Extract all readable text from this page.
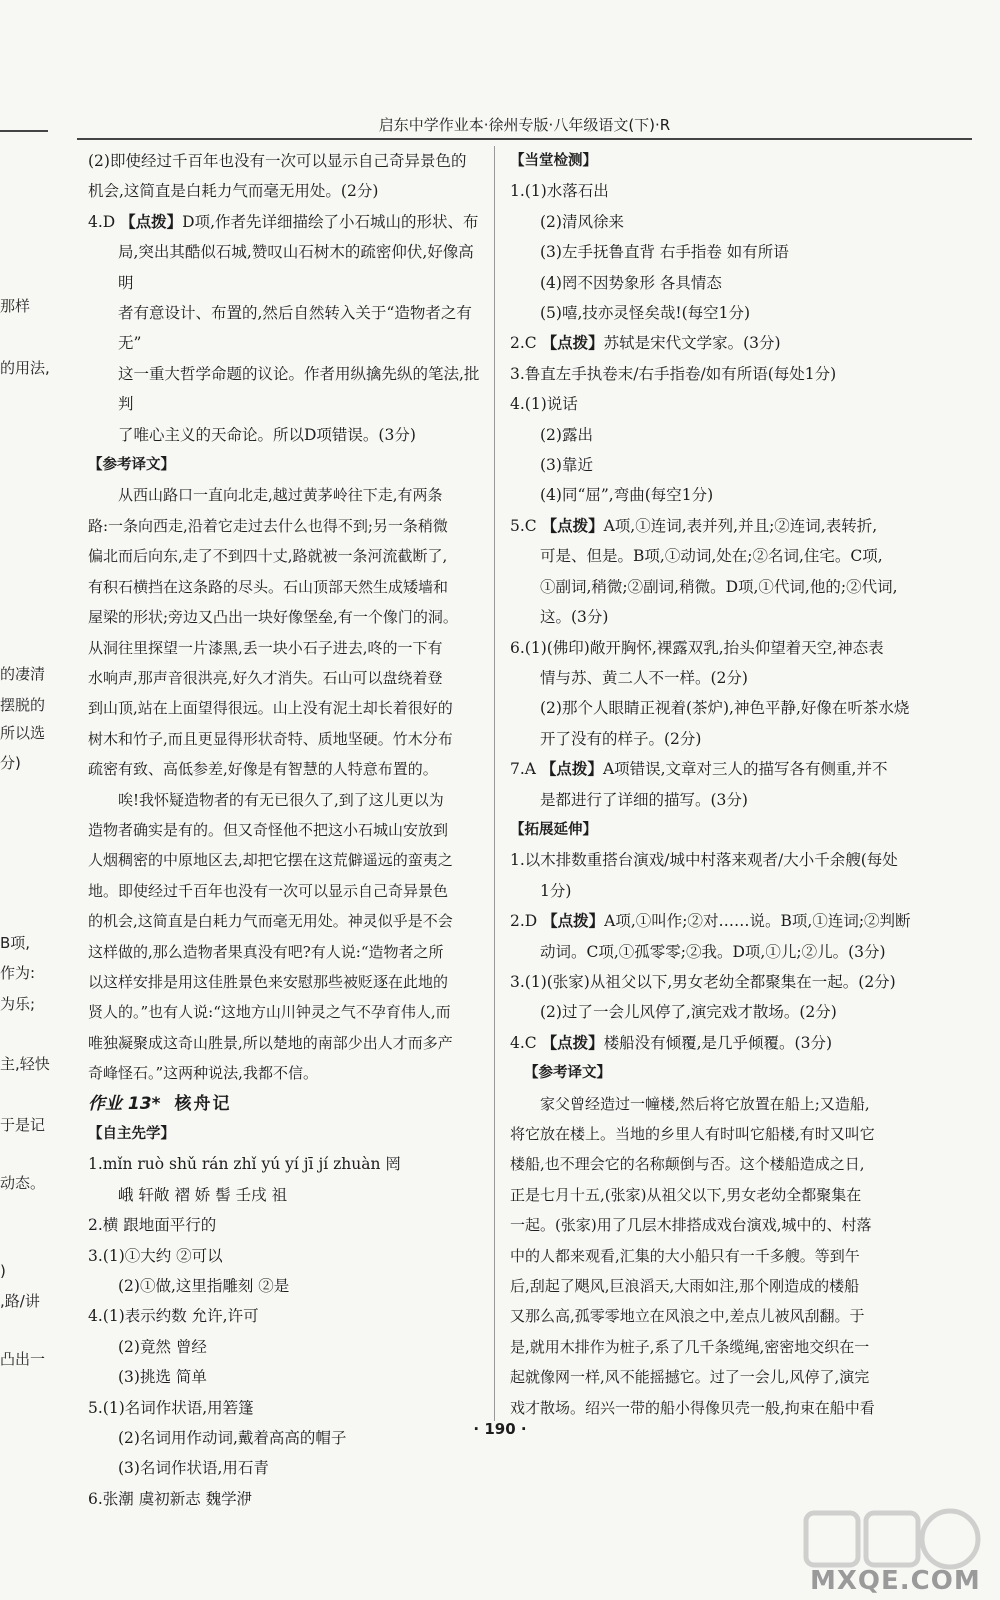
启东中学作业本·徐州专版·八年级语文(下)·R
那样
的用法,
的凄清
摆脱的
所以选
分)
B项,
作为:
为乐;
主,轻快
于是记
动态。
)
,路/讲
凸出一

(2)即使经过千百年也没有一次可以显示自己奇异景色的

机会,这简直是白耗力气而毫无用处。(2分)

4.D 【点拨】D项,作者先详细描绘了小石城山的形状、布

局,突出其酷似石城,赞叹山石树木的疏密仰伏,好像高明

者有意设计、布置的,然后自然转入关于“造物者之有无”

这一重大哲学命题的议论。作者用纵擒先纵的笔法,批判

了唯心主义的天命论。所以D项错误。(3分)

【参考译文】

从西山路口一直向北走,越过黄茅岭往下走,有两条

路:一条向西走,沿着它走过去什么也得不到;另一条稍微

偏北而后向东,走了不到四十丈,路就被一条河流截断了,

有积石横挡在这条路的尽头。石山顶部天然生成矮墙和

屋梁的形状;旁边又凸出一块好像堡垒,有一个像门的洞。

从洞往里探望一片漆黑,丢一块小石子进去,咚的一下有

水响声,那声音很洪亮,好久才消失。石山可以盘绕着登

到山顶,站在上面望得很远。山上没有泥土却长着很好的

树木和竹子,而且更显得形状奇特、质地坚硬。竹木分布

疏密有致、高低参差,好像是有智慧的人特意布置的。

唉!我怀疑造物者的有无已很久了,到了这儿更以为

造物者确实是有的。但又奇怪他不把这小石城山安放到

人烟稠密的中原地区去,却把它摆在这荒僻遥远的蛮夷之

地。即使经过千百年也没有一次可以显示自己奇异景色

的机会,这简直是白耗力气而毫无用处。神灵似乎是不会

这样做的,那么造物者果真没有吧?有人说:“造物者之所

以这样安排是用这佳胜景色来安慰那些被贬逐在此地的

贤人的。”也有人说:“这地方山川钟灵之气不孕育伟人,而

唯独凝聚成这奇山胜景,所以楚地的南部少出人才而多产

奇峰怪石。”这两种说法,我都不信。

作业 13* 核舟记

【自主先学】

1.mǐn ruò shǔ rán zhǐ yú yí jī jí zhuàn 罔

峨 轩敞 褶 娇 髻 壬戌 祖

2.横 跟地面平行的

3.(1)①大约 ②可以

(2)①做,这里指雕刻 ②是

4.(1)表示约数 允许,许可

(2)竟然 曾经

(3)挑选 简单

5.(1)名词作状语,用箬篷

(2)名词用作动词,戴着高高的帽子

(3)名词作状语,用石青

6.张潮 虞初新志 魏学洢

【当堂检测】

1.(1)水落石出

(2)清风徐来

(3)左手抚鲁直背 右手指卷 如有所语

(4)罔不因势象形 各具情态

(5)嘻,技亦灵怪矣哉!(每空1分)

2.C 【点拨】苏轼是宋代文学家。(3分)

3.鲁直左手执卷末/右手指卷/如有所语(每处1分)

4.(1)说话

(2)露出

(3)靠近

(4)同“屈”,弯曲(每空1分)

5.C 【点拨】A项,①连词,表并列,并且;②连词,表转折,

可是、但是。B项,①动词,处在;②名词,住宅。C项,

①副词,稍微;②副词,稍微。D项,①代词,他的;②代词,

这。(3分)

6.(1)(佛印)敞开胸怀,裸露双乳,抬头仰望着天空,神态表

情与苏、黄二人不一样。(2分)

(2)那个人眼睛正视着(茶炉),神色平静,好像在听茶水烧

开了没有的样子。(2分)

7.A 【点拨】A项错误,文章对三人的描写各有侧重,并不

是都进行了详细的描写。(3分)

【拓展延伸】

1.以木排数重搭台演戏/城中村落来观者/大小千余艘(每处

1分)

2.D 【点拨】A项,①叫作;②对……说。B项,①连词;②判断

动词。C项,①孤零零;②我。D项,①儿;②儿。(3分)

3.(1)(张家)从祖父以下,男女老幼全都聚集在一起。(2分)

(2)过了一会儿风停了,演完戏才散场。(2分)

4.C 【点拨】楼船没有倾覆,是几乎倾覆。(3分)

【参考译文】

家父曾经造过一幢楼,然后将它放置在船上;又造船,

将它放在楼上。当地的乡里人有时叫它船楼,有时又叫它

楼船,也不理会它的名称颠倒与否。这个楼船造成之日,

正是七月十五,(张家)从祖父以下,男女老幼全都聚集在

一起。(张家)用了几层木排搭成戏台演戏,城中的、村落

中的人都来观看,汇集的大小船只有一千多艘。等到午

后,刮起了飓风,巨浪滔天,大雨如注,那个刚造成的楼船

又那么高,孤零零地立在风浪之中,差点儿被风刮翻。于

是,就用木排作为桩子,系了几千条缆绳,密密地交织在一

起就像网一样,风不能摇撼它。过了一会儿,风停了,演完

戏才散场。绍兴一带的船小得像贝壳一般,拘束在船中看

· 190 ·
MXQE.COM
